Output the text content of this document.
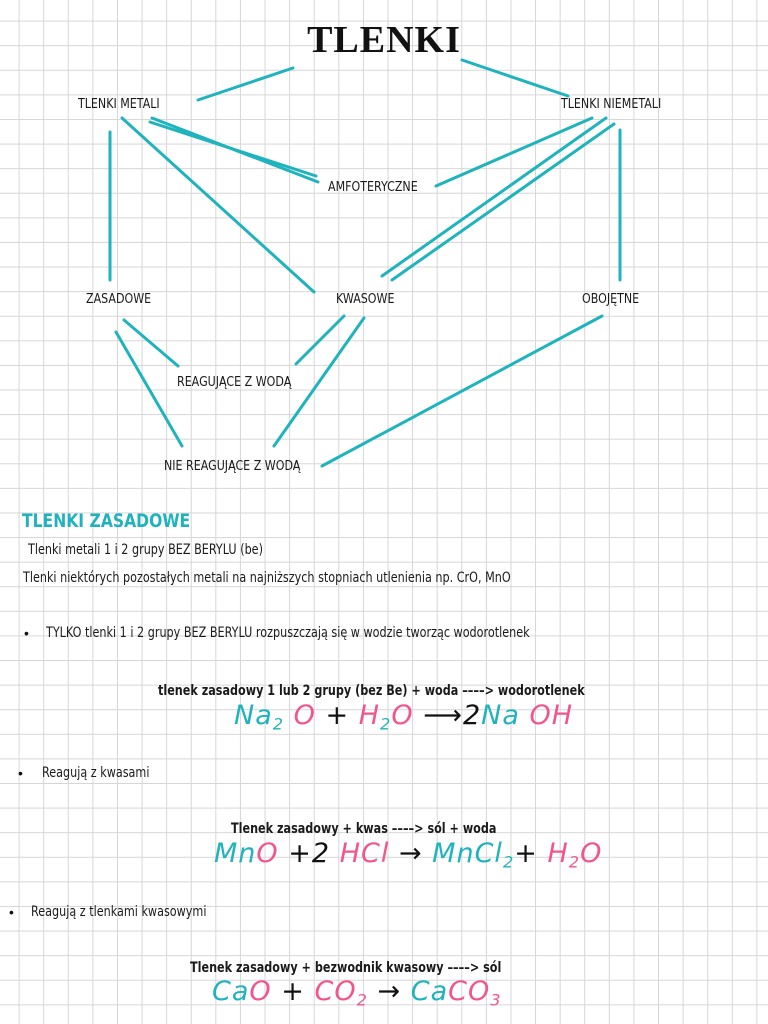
TLENKI
TLENKI METALI	TLENKI NIEMETALI
AMFOTERYCZNE
ZASADOWE	KWASOWE	OBOJĘTNE
REAGUJĄCE Z WODĄ
NIE REAGUJĄCE Z WODĄ
TLENKI ZASADOWE
Tlenki metali 1 i 2 grupy BEZ BERYLU (be)
Tlenki niektórych pozostałych metali na najniższych stopniach utlenienia np. CrO, MnO
• TYLKO tlenki 1 i 2 grupy BEZ BERYLU rozpuszczają się w wodzie tworząc wodorotlenek
tlenek zasadowy 1 lub 2 grupy (bez Be) + woda ––––> wodorotlenek
$Na_2$ $O + H_2O$ ⟶2Na OH
• Reagują z kwasami
Tlenek zasadowy + kwas ––––> sól + woda
MnO +2 HCl → MnCl$_2$+ $H_2O$
• Reagują z tlenkami kwasowymi
Tlenek zasadowy + bezwodnik kwasowy ––––> sól
CaO + $CO_2$ → CaCO$_3$
